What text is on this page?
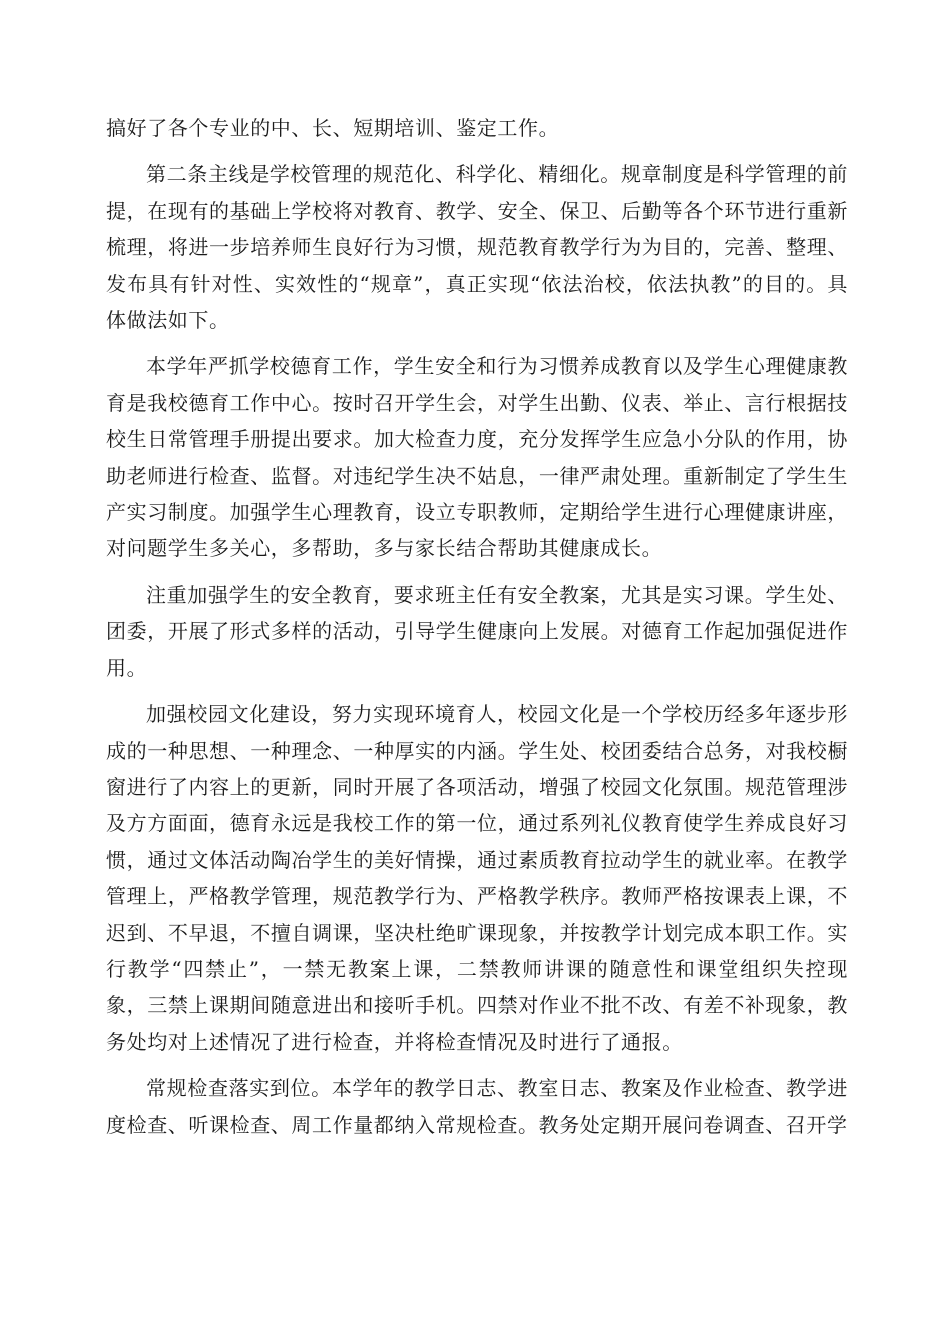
搞好了各个专业的中、长、短期培训、鉴定工作。

第二条主线是学校管理的规范化、科学化、精细化。规章制度是科学管理的前提，在现有的基础上学校将对教育、教学、安全、保卫、后勤等各个环节进行重新梳理，将进一步培养师生良好行为习惯，规范教育教学行为为目的，完善、整理、发布具有针对性、实效性的“规章”，真正实现“依法治校，依法执教”的目的。具体做法如下。

本学年严抓学校德育工作，学生安全和行为习惯养成教育以及学生心理健康教育是我校德育工作中心。按时召开学生会，对学生出勤、仪表、举止、言行根据技校生日常管理手册提出要求。加大检查力度，充分发挥学生应急小分队的作用，协助老师进行检查、监督。对违纪学生决不姑息，一律严肃处理。重新制定了学生生产实习制度。加强学生心理教育，设立专职教师，定期给学生进行心理健康讲座，对问题学生多关心，多帮助，多与家长结合帮助其健康成长。

注重加强学生的安全教育，要求班主任有安全教案，尤其是实习课。学生处、团委，开展了形式多样的活动，引导学生健康向上发展。对德育工作起加强促进作用。

加强校园文化建设，努力实现环境育人，校园文化是一个学校历经多年逐步形成的一种思想、一种理念、一种厚实的内涵。学生处、校团委结合总务，对我校橱窗进行了内容上的更新，同时开展了各项活动，增强了校园文化氛围。规范管理涉及方方面面，德育永远是我校工作的第一位，通过系列礼仪教育使学生养成良好习惯，通过文体活动陶冶学生的美好情操，通过素质教育拉动学生的就业率。在教学管理上，严格教学管理，规范教学行为、严格教学秩序。教师严格按课表上课，不迟到、不早退，不擅自调课，坚决杜绝旷课现象，并按教学计划完成本职工作。实行教学“四禁止”，一禁无教案上课，二禁教师讲课的随意性和课堂组织失控现象，三禁上课期间随意进出和接听手机。四禁对作业不批不改、有差不补现象，教务处均对上述情况了进行检查，并将检查情况及时进行了通报。

常规检查落实到位。本学年的教学日志、教室日志、教案及作业检查、教学进度检查、听课检查、周工作量都纳入常规检查。教务处定期开展问卷调查、召开学
